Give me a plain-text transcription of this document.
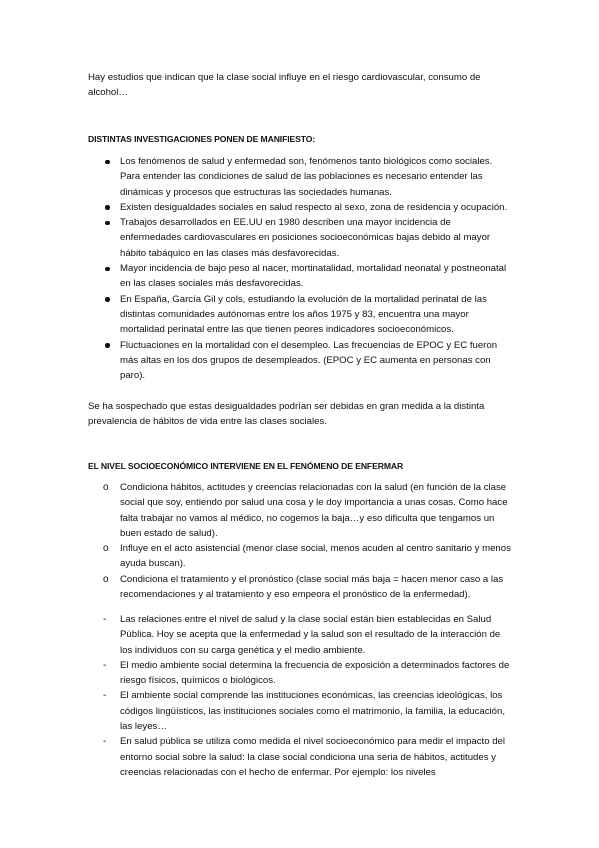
Hay estudios que indican que la clase social influye en el riesgo cardiovascular, consumo de alcohol…

DISTINTAS INVESTIGACIONES PONEN DE MANIFIESTO:

Los fenómenos de salud y enfermedad son, fenómenos tanto biológicos como sociales. Para entender las condiciones de salud de las poblaciones es necesario entender las dinámicas y procesos que estructuras las sociedades humanas.
Existen desigualdades sociales en salud respecto al sexo, zona de residencia y ocupación.
Trabajos desarrollados en EE.UU en 1980 describen una mayor incidencia de enfermedades cardiovasculares en posiciones socioeconómicas bajas debido al mayor hábito tabáquico en las clases más desfavorecidas.
Mayor incidencia de bajo peso al nacer, mortinatalidad, mortalidad neonatal y postneonatal en las clases sociales más desfavorecidas.
En España, García Gil y cols, estudiando la evolución de la mortalidad perinatal de las distintas comunidades autónomas entre los años 1975 y 83, encuentra una mayor mortalidad perinatal entre las que tienen peores indicadores socioeconómicos.
Fluctuaciones en la mortalidad con el desempleo. Las frecuencias de EPOC y EC fueron más altas en los dos grupos de desempleados. (EPOC y EC aumenta en personas con paro).

Se ha sospechado que estas desigualdades podrían ser debidas en gran medida a la distinta prevalencia de hábitos de vida entre las clases sociales.

EL NIVEL SOCIOECONÓMICO INTERVIENE EN EL FENÓMENO DE ENFERMAR

o Condiciona hábitos, actitudes y creencias relacionadas con la salud (en función de la clase social que soy, entiendo por salud una cosa y le doy importancia a unas cosas. Como hace falta trabajar no vamos al médico, no cogemos la baja…y eso dificulta que tengamos un buen estado de salud).
o Influye en el acto asistencial (menor clase social, menos acuden al centro sanitario y menos ayuda buscan).
o Condiciona el tratamiento y el pronóstico (clase social más baja = hacen menor caso a las recomendaciones y al tratamiento y eso empeora el pronóstico de la enfermedad).
- Las relaciones entre el nivel de salud y la clase social están bien establecidas en Salud Pública. Hoy se acepta que la enfermedad y la salud son el resultado de la interacción de los individuos con su carga genética y el medio ambiente.
- El medio ambiente social determina la frecuencia de exposición a determinados factores de riesgo físicos, químicos o biológicos.
- El ambiente social comprende las instituciones económicas, las creencias ideológicas, los códigos lingüísticos, las instituciones sociales como el matrimonio, la familia, la educación, las leyes…
- En salud pública se utiliza como medida el nivel socioeconómico para medir el impacto del entorno social sobre la salud: la clase social condiciona una seria de hábitos, actitudes y creencias relacionadas con el hecho de enfermar. Por ejemplo: los niveles
